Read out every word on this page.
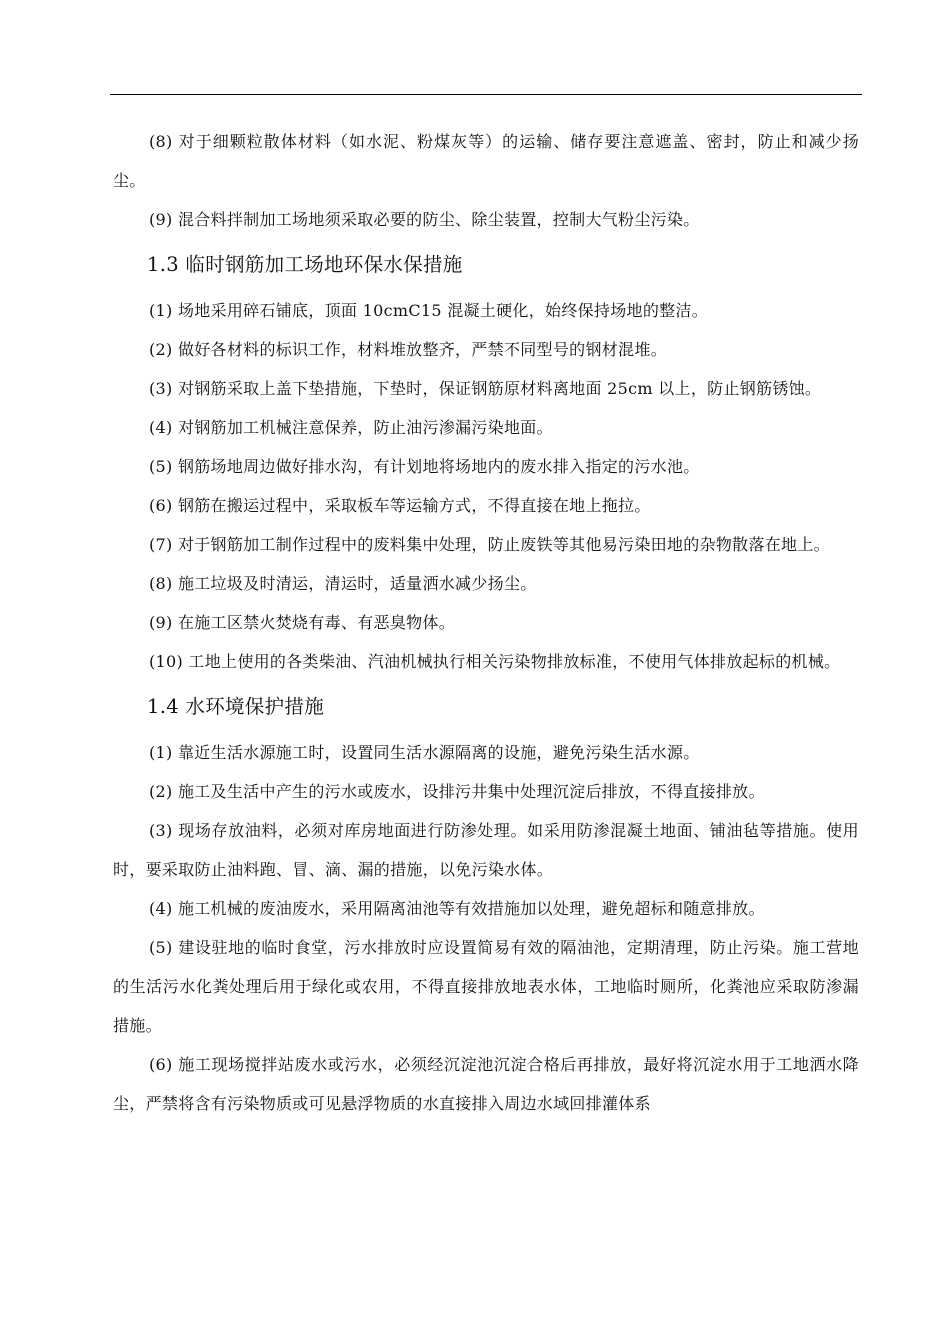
(8) 对于细颗粒散体材料（如水泥、粉煤灰等）的运输、储存要注意遮盖、密封，防止和减少扬尘。

(9) 混合料拌制加工场地须采取必要的防尘、除尘装置，控制大气粉尘污染。

1.3 临时钢筋加工场地环保水保措施

(1) 场地采用碎石铺底，顶面 10cmC15 混凝土硬化，始终保持场地的整洁。

(2) 做好各材料的标识工作，材料堆放整齐，严禁不同型号的钢材混堆。

(3) 对钢筋采取上盖下垫措施，下垫时，保证钢筋原材料离地面 25cm 以上，防止钢筋锈蚀。

(4) 对钢筋加工机械注意保养，防止油污渗漏污染地面。

(5) 钢筋场地周边做好排水沟，有计划地将场地内的废水排入指定的污水池。

(6) 钢筋在搬运过程中，采取板车等运输方式，不得直接在地上拖拉。

(7) 对于钢筋加工制作过程中的废料集中处理，防止废铁等其他易污染田地的杂物散落在地上。

(8) 施工垃圾及时清运，清运时，适量洒水减少扬尘。

(9) 在施工区禁火焚烧有毒、有恶臭物体。

(10) 工地上使用的各类柴油、汽油机械执行相关污染物排放标准，不使用气体排放起标的机械。

1.4 水环境保护措施

(1) 靠近生活水源施工时，设置同生活水源隔离的设施，避免污染生活水源。

(2) 施工及生活中产生的污水或废水，设排污井集中处理沉淀后排放，不得直接排放。

(3) 现场存放油料，必须对库房地面进行防渗处理。如采用防渗混凝土地面、铺油毡等措施。使用时，要采取防止油料跑、冒、滴、漏的措施，以免污染水体。

(4) 施工机械的废油废水，采用隔离油池等有效措施加以处理，避免超标和随意排放。

(5) 建设驻地的临时食堂，污水排放时应设置简易有效的隔油池，定期清理，防止污染。施工营地的生活污水化粪处理后用于绿化或农用，不得直接排放地表水体，工地临时厕所，化粪池应采取防渗漏措施。

(6) 施工现场搅拌站废水或污水，必须经沉淀池沉淀合格后再排放，最好将沉淀水用于工地洒水降尘，严禁将含有污染物质或可见悬浮物质的水直接排入周边水域回排灌体系
